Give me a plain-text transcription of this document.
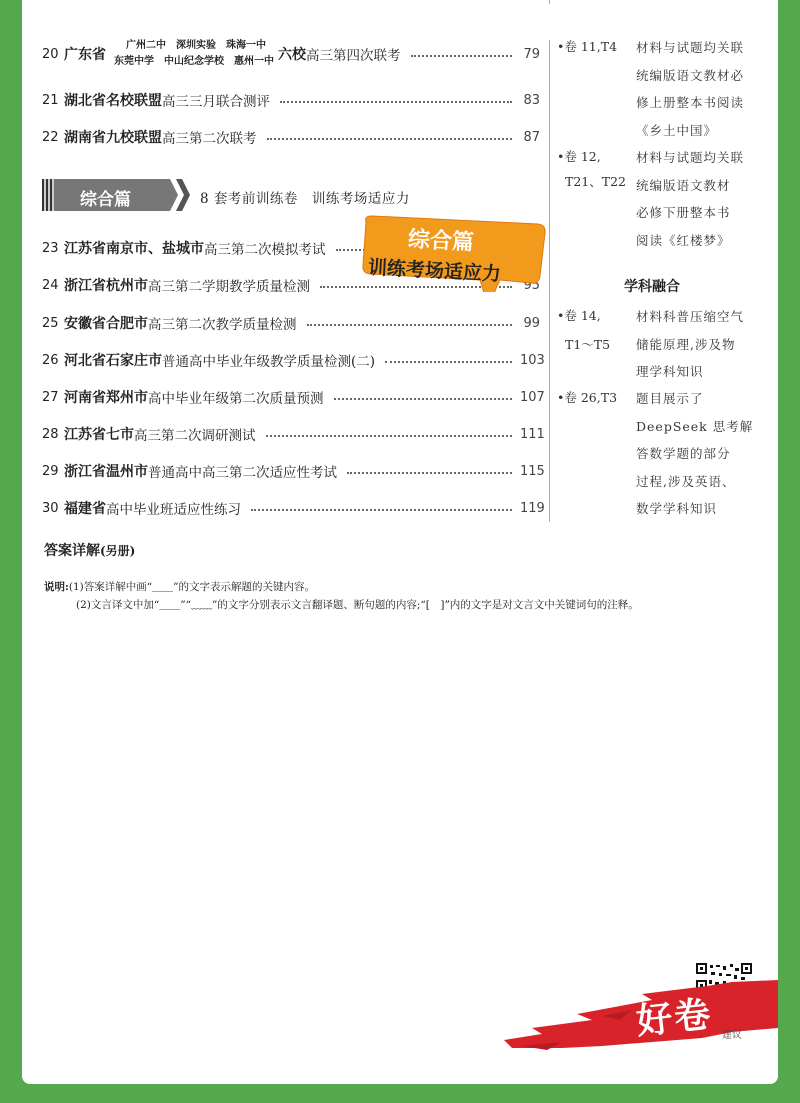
20 广东省
广州二中　深圳实验　珠海一中
东莞中学　中山纪念学校　惠州一中 六校 高三第四次联考	79
21 湖北省名校联盟 高三三月联合测评	83
22 湖南省九校联盟 高三第二次联考	87
综合篇	8 套考前训练卷　训练考场适应力
23 江苏省南京市、盐城市 高三第二次模拟考试
24 浙江省杭州市 高三第二学期教学质量检测	95
25 安徽省合肥市 高三第二次教学质量检测	99
26 河北省石家庄市 普通高中毕业年级教学质量检测(二)	103
27 河南省郑州市 高中毕业年级第二次质量预测	107
28 江苏省七市 高三第二次调研测试	111
29 浙江省温州市 普通高中高三第二次适应性考试	115
30 福建省 高中毕业班适应性练习	119
综合篇
训练考场适应力
•卷 11,T4	材料与试题均关联
统编版语文教材必
修上册整本书阅读
《乡土中国》
•卷 12,
T21、T22
材料与试题均关联
统编版语文教材
必修下册整本书
阅读《红楼梦》
学科融合
•卷 14,
T1～T5
材料科普压缩空气
储能原理,涉及物
理学科知识
•卷 26,T3	题目展示了
DeepSeek 思考解
答数学题的部分
过程,涉及英语、
数学学科知识
答案详解(另册)
说明:(1)答案详解中画“＿＿”的文字表示解题的关键内容。
(2)文言译文中加“＿＿”“﹏﹏”的文字分别表示文言翻译题、断句题的内容;“[　]”内的文字是对文言文中关键词句的注释。
好卷 建议
